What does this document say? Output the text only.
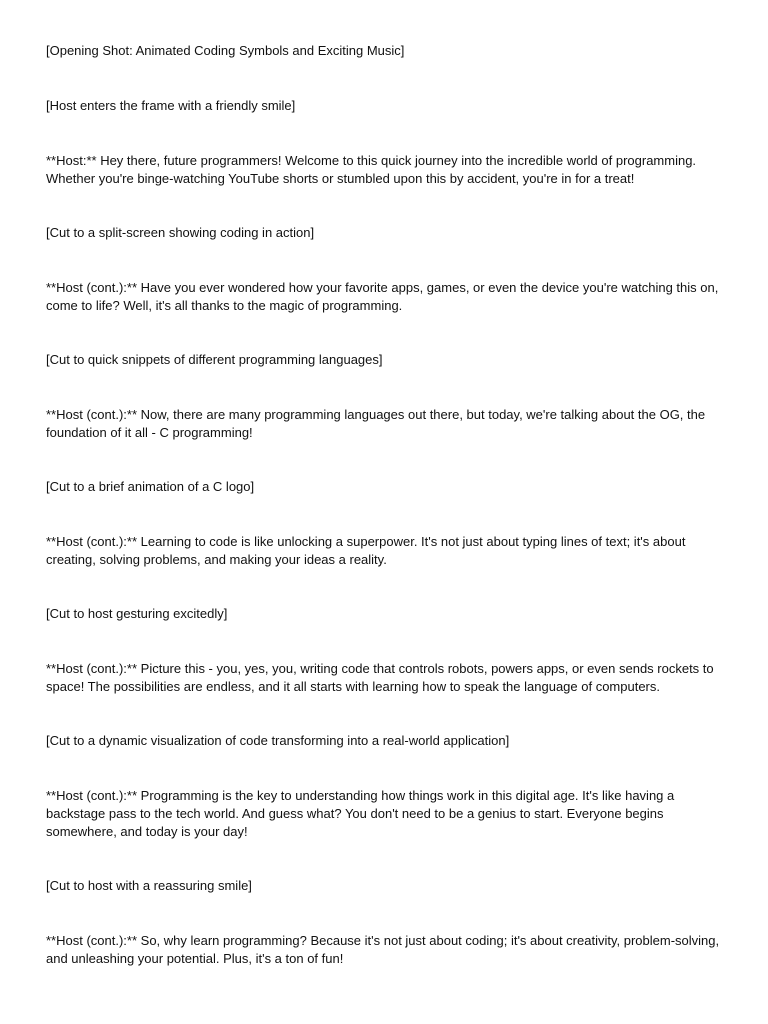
[Opening Shot: Animated Coding Symbols and Exciting Music]

[Host enters the frame with a friendly smile]

**Host:** Hey there, future programmers! Welcome to this quick journey into the incredible world of programming. Whether you're binge-watching YouTube shorts or stumbled upon this by accident, you're in for a treat!

[Cut to a split-screen showing coding in action]

**Host (cont.):** Have you ever wondered how your favorite apps, games, or even the device you're watching this on, come to life? Well, it's all thanks to the magic of programming.

[Cut to quick snippets of different programming languages]

**Host (cont.):** Now, there are many programming languages out there, but today, we're talking about the OG, the foundation of it all - C programming!

[Cut to a brief animation of a C logo]

**Host (cont.):** Learning to code is like unlocking a superpower. It's not just about typing lines of text; it's about creating, solving problems, and making your ideas a reality.

[Cut to host gesturing excitedly]

**Host (cont.):** Picture this - you, yes, you, writing code that controls robots, powers apps, or even sends rockets to space! The possibilities are endless, and it all starts with learning how to speak the language of computers.

[Cut to a dynamic visualization of code transforming into a real-world application]

**Host (cont.):** Programming is the key to understanding how things work in this digital age. It's like having a backstage pass to the tech world. And guess what? You don't need to be a genius to start. Everyone begins somewhere, and today is your day!

[Cut to host with a reassuring smile]

**Host (cont.):** So, why learn programming? Because it's not just about coding; it's about creativity, problem-solving, and unleashing your potential. Plus, it's a ton of fun!
